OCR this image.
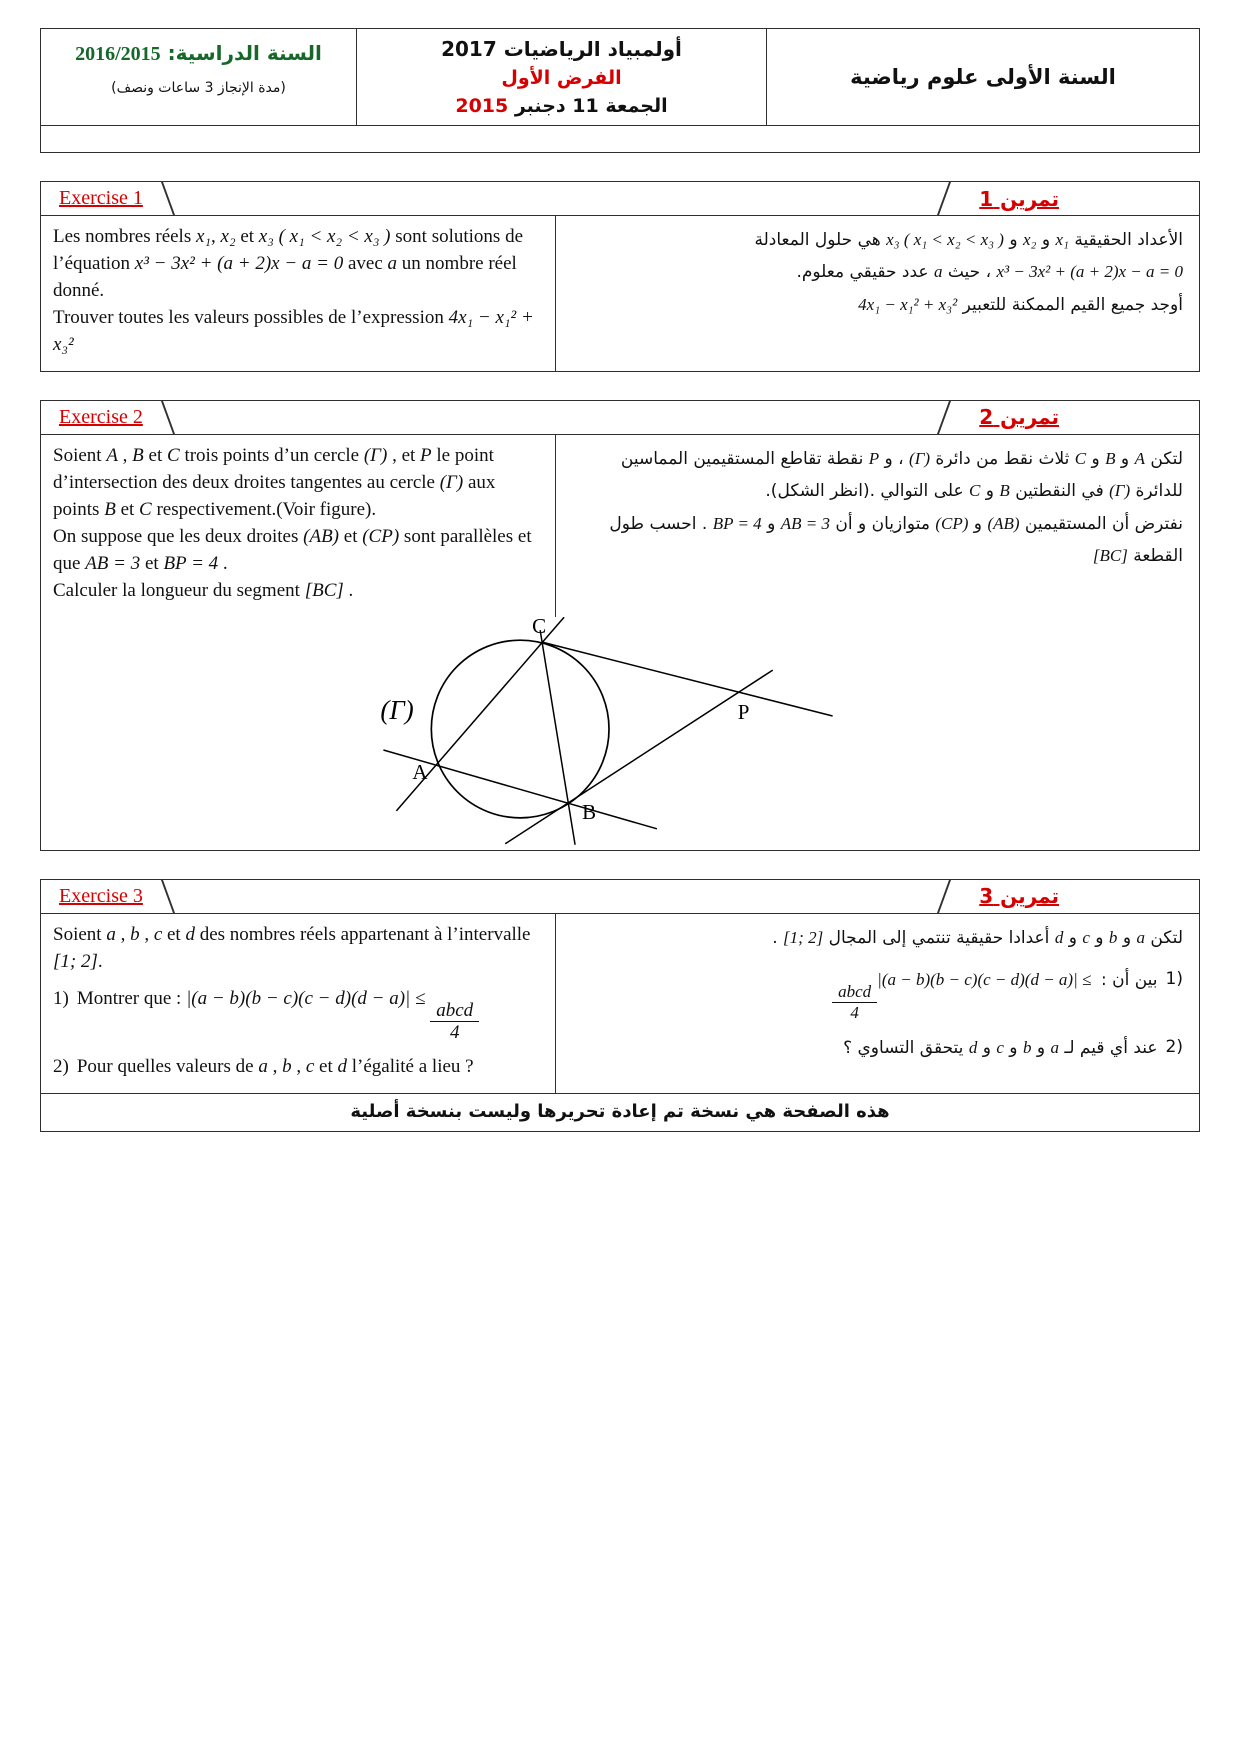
السنة الدراسية: 2016/2015
(مدة الإنجاز 3 ساعات ونصف)
أولمبياد الرياضيات 2017
الفرض الأول
الجمعة 11 دجنبر 2015
السنة الأولى علوم رياضية
Exercise 1	تمرين 1

Les nombres réels x₁, x₂ et x₃ ( x₁ < x₂ < x₃ ) sont solutions de l’équation x³ − 3x² + (a + 2)x − a = 0 avec a un nombre réel donné.

Trouver toutes les valeurs possibles de l’expression 4x₁ − x₁² + x₃²

الأعداد الحقيقية x₁ و x₂ و x₃ ( x₁ < x₂ < x₃ ) هي حلول المعادلة

x³ − 3x² + (a + 2)x − a = 0 ، حيث a عدد حقيقي معلوم.

أوجد جميع القيم الممكنة للتعبير 4x₁ − x₁² + x₃²

Exercise 2	تمرين 2

Soient A , B et C trois points d’un cercle (Γ) , et P le point d’intersection des deux droites tangentes au cercle (Γ) aux points B et C respectivement.(Voir figure).

On suppose que les deux droites (AB) et (CP) sont parallèles et que AB = 3 et BP = 4 .

Calculer la longueur du segment [BC] .

لتكن A و B و C ثلاث نقط من دائرة (Γ) ، و P نقطة تقاطع المستقيمين المماسين للدائرة (Γ) في النقطتين B و C على التوالي .(انظر الشكل).

نفترض أن المستقيمين (AB) و (CP) متوازيان و أن AB = 3 و BP = 4 . احسب طول القطعة [BC]

C
A
B
P
(Γ)
Exercise 3	تمرين 3

Soient a , b , c et d des nombres réels appartenant à l’intervalle [1; 2].

1) Montrer que : |(a − b)(b − c)(c − d)(d − a)| ≤
$\frac{\text{abcd}}{4}$
2) Pour quelles valeurs de a , b , c et d l’égalité a lieu ?

لتكن a و b و c و d أعدادا حقيقية تنتمي إلى المجال [1; 2] .

1)
بين أن : |(a − b)(b − c)(c − d)(d − a)| ≤
$\frac{\text{abcd}}{4}$
2)
عند أي قيم لـ a و b و c و d يتحقق التساوي ؟
هذه الصفحة هي نسخة تم إعادة تحريرها وليست بنسخة أصلية
